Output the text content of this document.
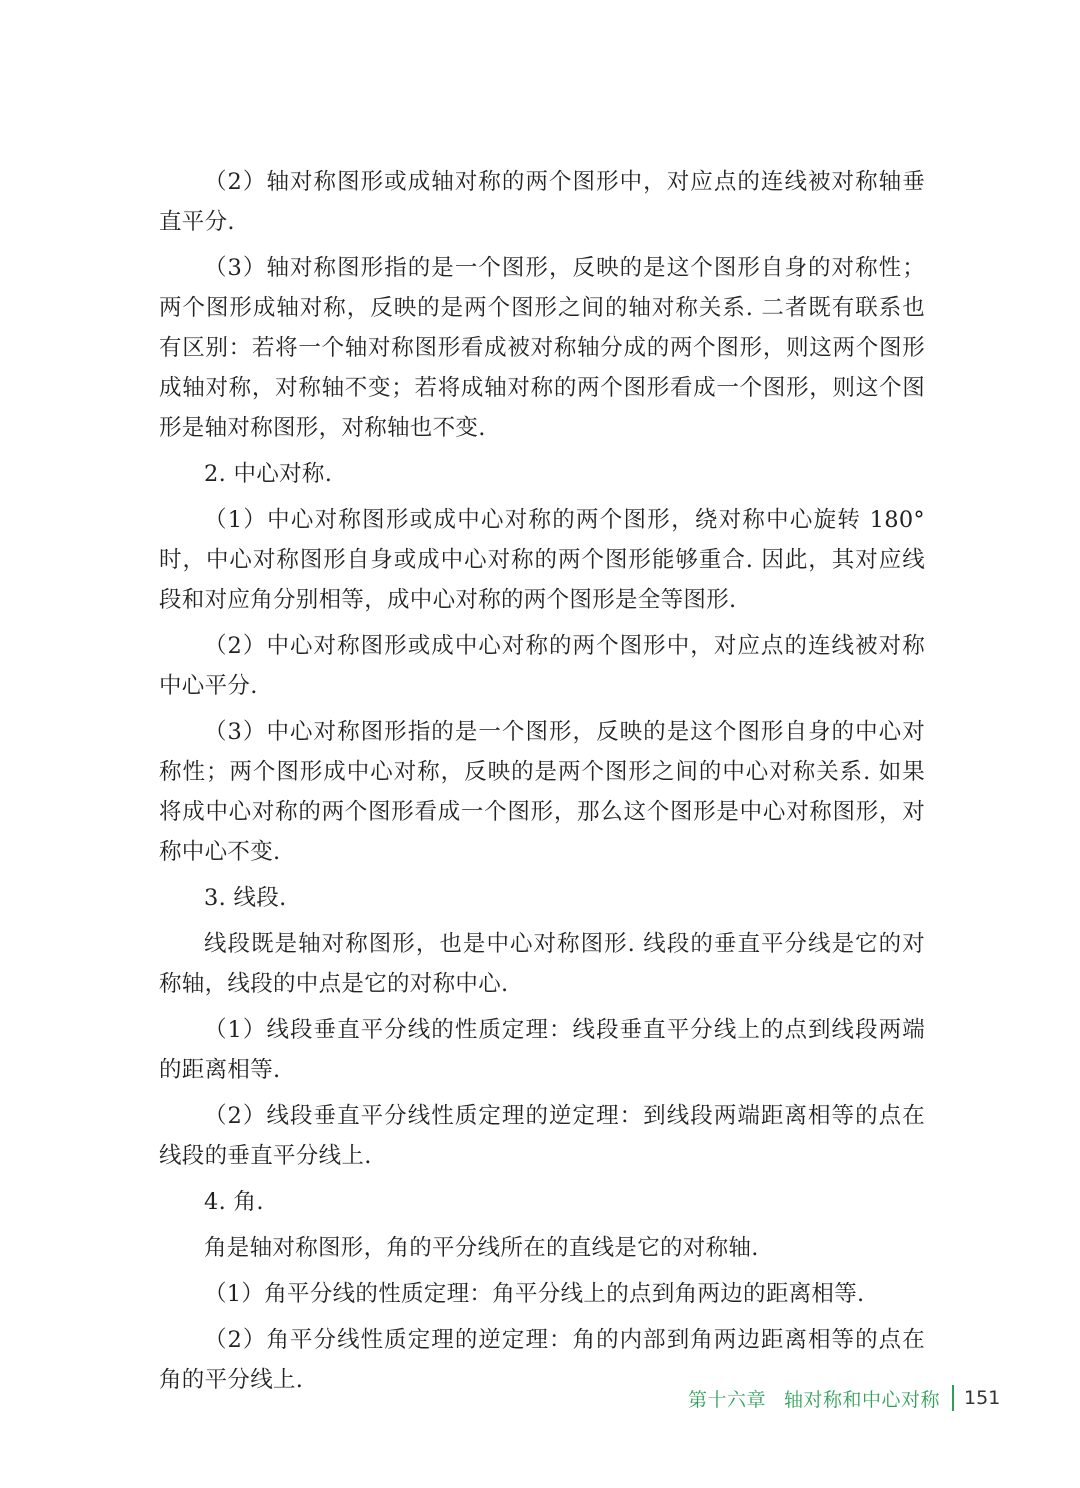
（2）轴对称图形或成轴对称的两个图形中，对应点的连线被对称轴垂直平分.

（3）轴对称图形指的是一个图形，反映的是这个图形自身的对称性；两个图形成轴对称，反映的是两个图形之间的轴对称关系. 二者既有联系也有区别：若将一个轴对称图形看成被对称轴分成的两个图形，则这两个图形成轴对称，对称轴不变；若将成轴对称的两个图形看成一个图形，则这个图形是轴对称图形，对称轴也不变.

2. 中心对称.

（1）中心对称图形或成中心对称的两个图形，绕对称中心旋转 180°时，中心对称图形自身或成中心对称的两个图形能够重合. 因此，其对应线段和对应角分别相等，成中心对称的两个图形是全等图形.

（2）中心对称图形或成中心对称的两个图形中，对应点的连线被对称中心平分.

（3）中心对称图形指的是一个图形，反映的是这个图形自身的中心对称性；两个图形成中心对称，反映的是两个图形之间的中心对称关系. 如果将成中心对称的两个图形看成一个图形，那么这个图形是中心对称图形，对称中心不变.

3. 线段.

线段既是轴对称图形，也是中心对称图形. 线段的垂直平分线是它的对称轴，线段的中点是它的对称中心.

（1）线段垂直平分线的性质定理：线段垂直平分线上的点到线段两端的距离相等.

（2）线段垂直平分线性质定理的逆定理：到线段两端距离相等的点在线段的垂直平分线上.

4. 角.

角是轴对称图形，角的平分线所在的直线是它的对称轴.

（1）角平分线的性质定理：角平分线上的点到角两边的距离相等.

（2）角平分线性质定理的逆定理：角的内部到角两边距离相等的点在角的平分线上.

第十六章 轴对称和中心对称 151
